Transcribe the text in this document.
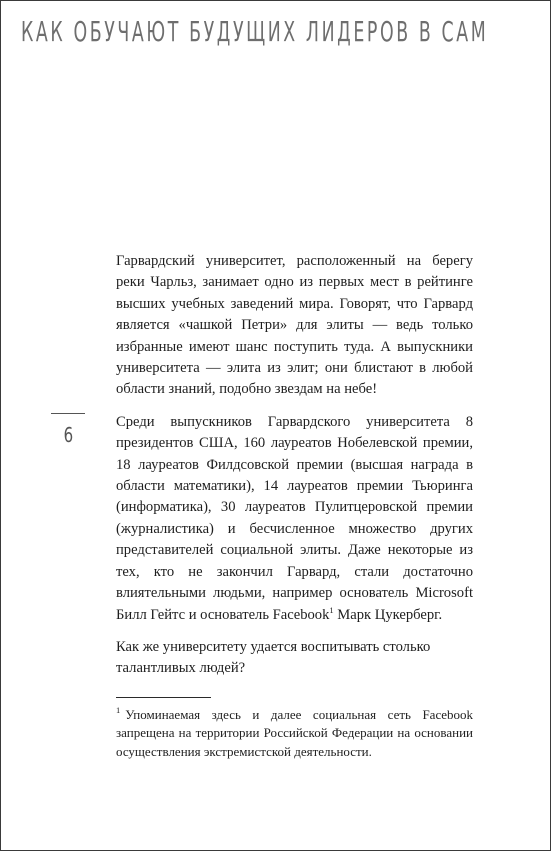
КАК ОБУЧАЮТ БУДУЩИХ ЛИДЕРОВ В САМ
6

Гарвардский университет, расположенный на берегу реки Чарльз, занимает одно из первых мест в рейтинге высших учебных заведений мира. Говорят, что Гарвард является «чашкой Петри» для элиты — ведь только избранные имеют шанс поступить туда. А выпускники университета — элита из элит; они блистают в любой области знаний, подобно звездам на небе!

Среди выпускников Гарвардского университета 8 президентов США, 160 лауреатов Нобелевской премии, 18 лауреатов Филдсовской премии (высшая награда в области математики), 14 лауреатов премии Тьюринга (информатика), 30 лауреатов Пулитцеровской премии (журналистика) и бесчисленное множество других представителей социальной элиты. Даже некоторые из тех, кто не закончил Гарвард, стали достаточно влиятельными людьми, например основатель Microsoft Билл Гейтс и основатель Facebook$^1$ Марк Цукерберг.

Как же университету удается воспитывать столько талантливых людей?

$^1$ Упоминаемая здесь и далее социальная сеть Facebook запрещена на территории Российской Федерации на основании осуществления экстремистской деятельности.
